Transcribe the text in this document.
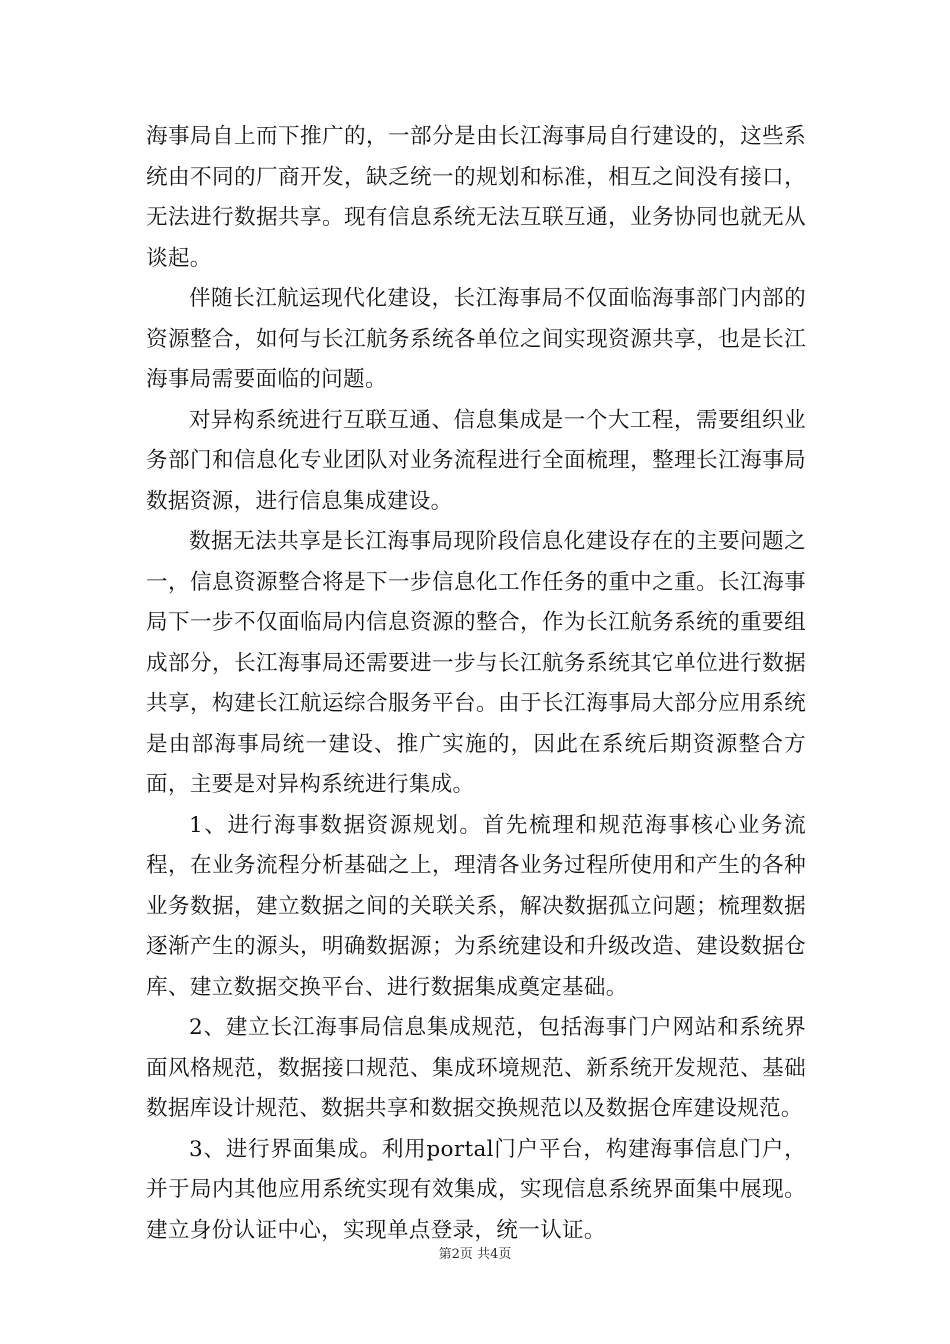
海事局自上而下推广的，一部分是由长江海事局自行建设的，这些系统由不同的厂商开发，缺乏统一的规划和标准，相互之间没有接口，无法进行数据共享。现有信息系统无法互联互通，业务协同也就无从谈起。

伴随长江航运现代化建设，长江海事局不仅面临海事部门内部的资源整合，如何与长江航务系统各单位之间实现资源共享，也是长江海事局需要面临的问题。

对异构系统进行互联互通、信息集成是一个大工程，需要组织业务部门和信息化专业团队对业务流程进行全面梳理，整理长江海事局数据资源，进行信息集成建设。

数据无法共享是长江海事局现阶段信息化建设存在的主要问题之一，信息资源整合将是下一步信息化工作任务的重中之重。长江海事局下一步不仅面临局内信息资源的整合，作为长江航务系统的重要组成部分，长江海事局还需要进一步与长江航务系统其它单位进行数据共享，构建长江航运综合服务平台。由于长江海事局大部分应用系统是由部海事局统一建设、推广实施的，因此在系统后期资源整合方面，主要是对异构系统进行集成。

1、进行海事数据资源规划。首先梳理和规范海事核心业务流程，在业务流程分析基础之上，理清各业务过程所使用和产生的各种业务数据，建立数据之间的关联关系，解决数据孤立问题；梳理数据逐渐产生的源头，明确数据源；为系统建设和升级改造、建设数据仓库、建立数据交换平台、进行数据集成奠定基础。

2、建立长江海事局信息集成规范，包括海事门户网站和系统界面风格规范，数据接口规范、集成环境规范、新系统开发规范、基础数据库设计规范、数据共享和数据交换规范以及数据仓库建设规范。

3、进行界面集成。利用portal门户平台，构建海事信息门户，并于局内其他应用系统实现有效集成，实现信息系统界面集中展现。建立身份认证中心，实现单点登录，统一认证。

第2页 共4页
